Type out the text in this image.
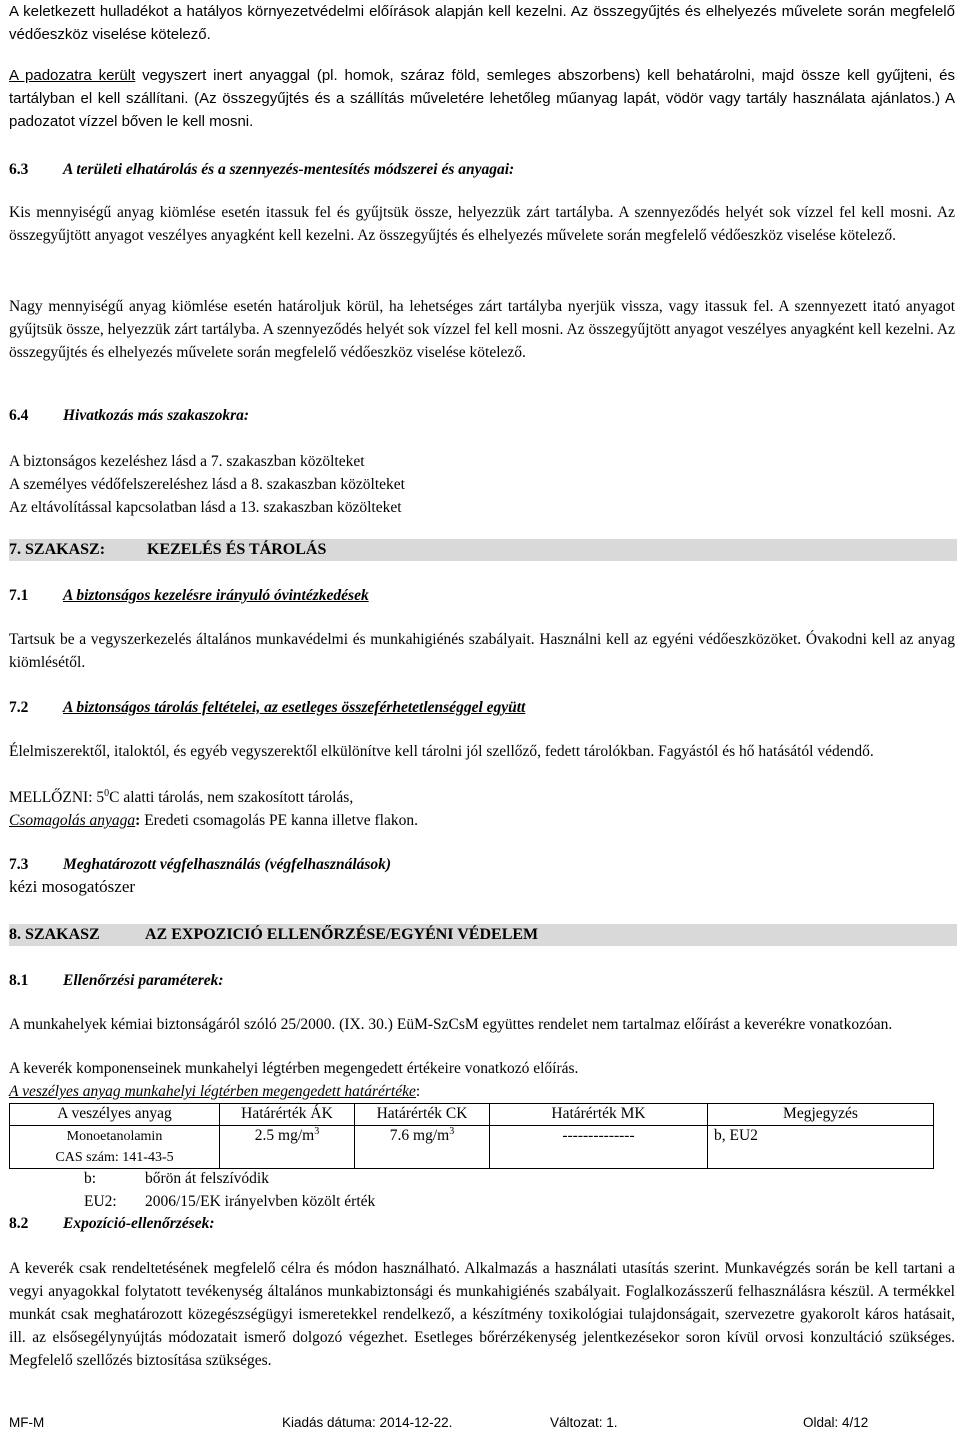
A keletkezett hulladékot a hatályos környezetvédelmi előírások alapján kell kezelni. Az összegyűjtés és elhelyezés művelete során megfelelő védőeszköz viselése kötelező.
A padozatra került vegyszert inert anyaggal (pl. homok, száraz föld, semleges abszorbens) kell behatárolni, majd össze kell gyűjteni, és tartályban el kell szállítani. (Az összegyűjtés és a szállítás műveletére lehetőleg műanyag lapát, vödör vagy tartály használata ajánlatos.) A padozatot vízzel bőven le kell mosni.
6.3 A területi elhatárolás és a szennyezés-mentesítés módszerei és anyagai:
Kis mennyiségű anyag kiömlése esetén itassuk fel és gyűjtsük össze, helyezzük zárt tartályba. A szennyeződés helyét sok vízzel fel kell mosni. Az összegyűjtött anyagot veszélyes anyagként kell kezelni. Az összegyűjtés és elhelyezés művelete során megfelelő védőeszköz viselése kötelező.
Nagy mennyiségű anyag kiömlése esetén határoljuk körül, ha lehetséges zárt tartályba nyerjük vissza, vagy itassuk fel. A szennyezett itató anyagot gyűjtsük össze, helyezzük zárt tartályba. A szennyeződés helyét sok vízzel fel kell mosni. Az összegyűjtött anyagot veszélyes anyagként kell kezelni. Az összegyűjtés és elhelyezés művelete során megfelelő védőeszköz viselése kötelező.
6.4 Hivatkozás más szakaszokra:
A biztonságos kezeléshez lásd a 7. szakaszban közölteket
A személyes védőfelszereléshez lásd a 8. szakaszban közölteket
Az eltávolítással kapcsolatban lásd a 13. szakaszban közölteket
7. SZAKASZ:	KEZELÉS ÉS TÁROLÁS
7.1 A biztonságos kezelésre irányuló óvintézkedések
Tartsuk be a vegyszerkezelés általános munkavédelmi és munkahigiénés szabályait. Használni kell az egyéni védőeszközöket. Óvakodni kell az anyag kiömlésétől.
7.2 A biztonságos tárolás feltételei, az esetleges összeférhetetlenséggel együtt
Élelmiszerektől, italoktól, és egyéb vegyszerektől elkülönítve kell tárolni jól szellőző, fedett tárolókban. Fagyástól és hő hatásától védendő.
MELLŐZNI: $5^0C$ alatti tárolás, nem szakosított tárolás,
Csomagolás anyaga: Eredeti csomagolás PE kanna illetve flakon.
7.3 Meghatározott végfelhasználás (végfelhasználások)
kézi mosogatószer
8. SZAKASZ	AZ EXPOZICIÓ ELLENŐRZÉSE/EGYÉNI VÉDELEM
8.1 Ellenőrzési paraméterek:
A munkahelyek kémiai biztonságáról szóló 25/2000. (IX. 30.) EüM-SzCsM együttes rendelet nem tartalmaz előírást a keverékre vonatkozóan.
A keverék komponenseinek munkahelyi légtérben megengedett értékeire vonatkozó előírás.
A veszélyes anyag munkahelyi légtérben megengedett határértéke:
A veszélyes anyag	Határérték ÁK	Határérték CK	Határérték MK	Megjegyzés

Monoetanolamin
CAS szám: 141-43-5	2.5 $mg/m^3$	7.6 $mg/m^3$	--------------	b, EU2
b:	bőrön át felszívódik
EU2: 2006/15/EK irányelvben közölt érték
8.2 Expozíció-ellenőrzések:
A keverék csak rendeltetésének megfelelő célra és módon használható. Alkalmazás a használati utasítás szerint. Munkavégzés során be kell tartani a vegyi anyagokkal folytatott tevékenység általános munkabiztonsági és munkahigiénés szabályait. Foglalkozásszerű felhasználásra készül. A termékkel munkát csak meghatározott közegészségügyi ismeretekkel rendelkező, a készítmény toxikológiai tulajdonságait, szervezetre gyakorolt káros hatásait, ill. az elsősegélynyújtás módozatait ismerő dolgozó végezhet. Esetleges bőrérzékenység jelentkezésekor soron kívül orvosi konzultáció szükséges. Megfelelő szellőzés biztosítása szükséges.
MF-M	Kiadás dátuma: 2014-12-22.	Változat: 1.	Oldal: 4/12
